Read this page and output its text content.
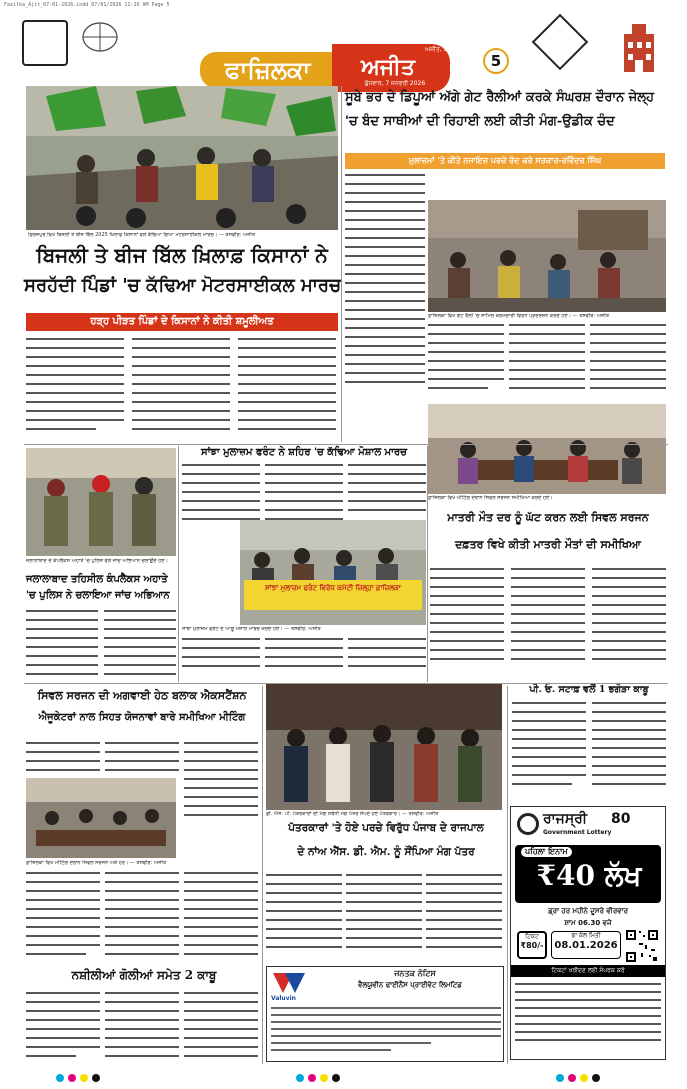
Fazilka_Ajit_07-01-2026.indd 07/01/2026 11:10 AM Page 5
ਫਾਜ਼ਿਲਕਾ	ਅਜੀਤ
ਅਜੀਤ, ਬਠਿੰਡਾ
ਬੁੱਧਵਾਰ, 7 ਜਨਵਰੀ 2026
5
ਫ਼ਿਰੋਜ਼ਪੁਰ ਵਿਖੇ ਬਿਜਲੀ ਤੇ ਬੀਜ ਬਿੱਲ 2025 ਖ਼ਿਲਾਫ ਕਿਸਾਨਾਂ ਵਲੋਂ ਕੱਢਿਆ ਗਿਆ ਮੋਟਰਸਾਈਕਲ ਮਾਰਚ। — ਤਸਵੀਰ: ਅਜੀਤ
ਬਿਜਲੀ ਤੇ ਬੀਜ ਬਿੱਲ ਖ਼ਿਲਾਫ਼ ਕਿਸਾਨਾਂ ਨੇ
ਸਰਹੱਦੀ ਪਿੰਡਾਂ 'ਚ ਕੱਢਿਆ ਮੋਟਰਸਾਈਕਲ ਮਾਰਚ
ਹੜ੍ਹ ਪੀੜਤ ਪਿੰਡਾਂ ਦੇ ਕਿਸਾਨਾਂ ਨੇ ਕੀਤੀ ਸ਼ਮੂਲੀਅਤ
ਸੂਬੇ ਭਰ ਦੇ ਡਿਪੂਆਂ ਅੱਗੇ ਗੇਟ ਰੈਲੀਆਂ ਕਰਕੇ ਸੰਘਰਸ਼ ਦੌਰਾਨ ਜੇਲ੍ਹ
'ਚ ਬੰਦ ਸਾਥੀਆਂ ਦੀ ਰਿਹਾਈ ਲਈ ਕੀਤੀ ਮੰਗ-ਉਡੀਕ ਚੰਦ
ਮੁਲਾਜ਼ਮਾਂ 'ਤੇ ਕੀਤੇ ਨਜਾਇਜ਼ ਪਰਚੇ ਰੱਦ ਕਰੇ ਸਰਕਾਰ-ਰਵਿੰਦਰ ਸਿੰਘ
ਫ਼ਾਜ਼ਿਲਕਾ ਵਿਖੇ ਗੇਟ ਰੈਲੀ 'ਚ ਸ਼ਾਮਿਲ ਕਰਮਚਾਰੀ ਵਿਰੋਧ ਪ੍ਰਦਰਸ਼ਨ ਕਰਦੇ ਹੋਏ। — ਤਸਵੀਰ: ਅਜੀਤ
ਸਾਂਝਾ ਮੁਲਾਜ਼ਮ ਫਰੰਟ ਨੇ ਸ਼ਹਿਰ 'ਚ ਕੱਢਿਆ ਮੋਸ਼ਾਲ ਮਾਰਚ
ਸਾਂਝਾ ਮੁਲਾਜ਼ਮ ਫਰੰਟ ਵਿਰੋਧ ਕਮੇਟੀ ਜ਼ਿਲ੍ਹਾ ਫ਼ਾਜ਼ਿਲਕਾ
ਸਾਂਝਾ ਮੁਲਾਜ਼ਮ ਫਰੰਟ ਦੇ ਆਗੂ ਮੋਸ਼ਾਲ ਮਾਰਚ ਕਰਦੇ ਹੋਏ। — ਤਸਵੀਰ: ਅਜੀਤ
ਜਲਾਲਾਬਾਦ ਦੇ ਕੰਪਲੈਕਸ ਅਹਾਤੇ 'ਚ ਪੁਲਿਸ ਵੱਲੋਂ ਜਾਂਚ ਅਭਿਆਨ ਚਲਾਉਂਦੇ ਹੋਏ।
ਜਲਾਲਾਬਾਦ ਤਹਿਸੀਲ ਕੰਪਲੈਕਸ ਅਹਾਤੇ
'ਚ ਪੁਲਿਸ ਨੇ ਚਲਾਇਆ ਜਾਂਚ ਅਭਿਆਨ
ਫ਼ਾਜ਼ਿਲਕਾ ਵਿਖੇ ਮੀਟਿੰਗ ਦੌਰਾਨ ਸਿਵਲ ਸਰਜਨ ਸਮੀਖਿਆ ਕਰਦੇ ਹੋਏ।
ਮਾਤਰੀ ਮੌਤ ਦਰ ਨੂੰ ਘੱਟ ਕਰਨ ਲਈ ਸਿਵਲ ਸਰਜਨ
ਦਫ਼ਤਰ ਵਿਖੇ ਕੀਤੀ ਮਾਤਰੀ ਮੌਤਾਂ ਦੀ ਸਮੀਖਿਆ
ਸਿਵਲ ਸਰਜਨ ਦੀ ਅਗਵਾਈ ਹੇਠ ਬਲਾਕ ਐਕਸਟੈਂਸ਼ਨ
ਐਜੂਕੇਟਰਾਂ ਨਾਲ ਸਿਹਤ ਯੋਜਨਾਵਾਂ ਬਾਰੇ ਸਮੀਖਿਆ ਮੀਟਿੰਗ
ਫ਼ਾਜ਼ਿਲਕਾ ਵਿਖੇ ਮੀਟਿੰਗ ਦੌਰਾਨ ਸਿਵਲ ਸਰਜਨ ਅਤੇ ਹੋਰ। — ਤਸਵੀਰ: ਅਜੀਤ
ਨਸ਼ੀਲੀਆਂ ਗੋਲੀਆਂ ਸਮੇਤ 2 ਕਾਬੂ
ਡੀ. ਐਸ. ਪੀ. ਪੱਤਰਕਾਰਾਂ ਦੀ ਮੰਗ ਸਬੰਧੀ ਮੰਗ ਪੱਤਰ ਸੌਂਪਦੇ ਹੋਏ ਪੱਤਰਕਾਰ। — ਤਸਵੀਰ: ਅਜੀਤ
ਪੱਤਰਕਾਰਾਂ 'ਤੇ ਹੋਏ ਪਰਚੇ ਵਿਰੁੱਧ ਪੰਜਾਬ ਦੇ ਰਾਜਪਾਲ
ਦੇ ਨਾਂਅ ਐੱਸ. ਡੀ. ਐਮ. ਨੂੰ ਸੌਂਪਿਆ ਮੰਗ ਪੱਤਰ
ਪੀ. ਓ. ਸਟਾਫ਼ ਵਲੋਂ 1 ਭਗੌੜਾ ਕਾਬੂ
ਰਾਜਸ੍ਰੀ 80
Government Lottery
ਪਹਿਲਾ ਇਨਾਮ
₹40 ਲੱਖ
ਡ੍ਰਾ ਹਰ ਮਹੀਨੇ ਦੂਸਰੇ ਵੀਰਵਾਰ
ਸ਼ਾਮ 06.30 ਵਜੇ
ਟਿਕਟ
₹80/-
ਡਾ ਕੱਲ ਮਿਤੀ
08.01.2026
ਟਿਕਟਾਂ ਖਰੀਦਣ ਲਈ ਸੰਪਰਕ ਕਰੋ
Valuvin
ਜਨਤਕ ਨੋਟਿਸ
ਵੈਲਯੂਵੀਨ ਫਾਈਨੈਂਸ ਪ੍ਰਾਈਵੇਟ ਲਿਮਟਿਡ
